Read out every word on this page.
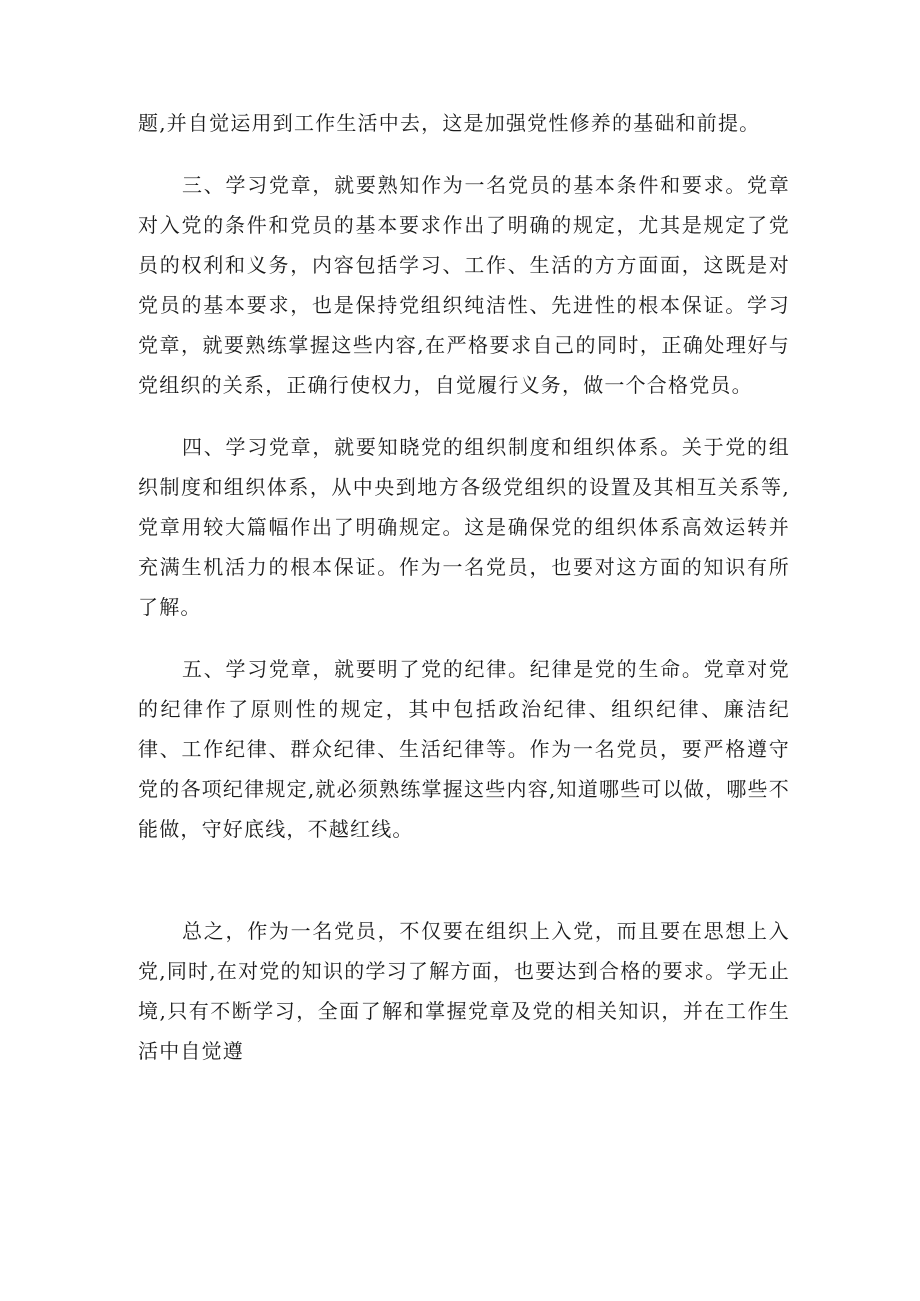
题,并自觉运用到工作生活中去，这是加强党性修养的基础和前提。

三、学习党章，就要熟知作为一名党员的基本条件和要求。党章对入党的条件和党员的基本要求作出了明确的规定，尤其是规定了党员的权利和义务，内容包括学习、工作、生活的方方面面，这既是对党员的基本要求，也是保持党组织纯洁性、先进性的根本保证。学习党章，就要熟练掌握这些内容,在严格要求自己的同时，正确处理好与党组织的关系，正确行使权力，自觉履行义务，做一个合格党员。

四、学习党章，就要知晓党的组织制度和组织体系。关于党的组织制度和组织体系，从中央到地方各级党组织的设置及其相互关系等,党章用较大篇幅作出了明确规定。这是确保党的组织体系高效运转并充满生机活力的根本保证。作为一名党员，也要对这方面的知识有所了解。

五、学习党章，就要明了党的纪律。纪律是党的生命。党章对党的纪律作了原则性的规定，其中包括政治纪律、组织纪律、廉洁纪律、工作纪律、群众纪律、生活纪律等。作为一名党员，要严格遵守党的各项纪律规定,就必须熟练掌握这些内容,知道哪些可以做，哪些不能做，守好底线，不越红线。

总之，作为一名党员，不仅要在组织上入党，而且要在思想上入党,同时,在对党的知识的学习了解方面，也要达到合格的要求。学无止境,只有不断学习，全面了解和掌握党章及党的相关知识，并在工作生活中自觉遵
